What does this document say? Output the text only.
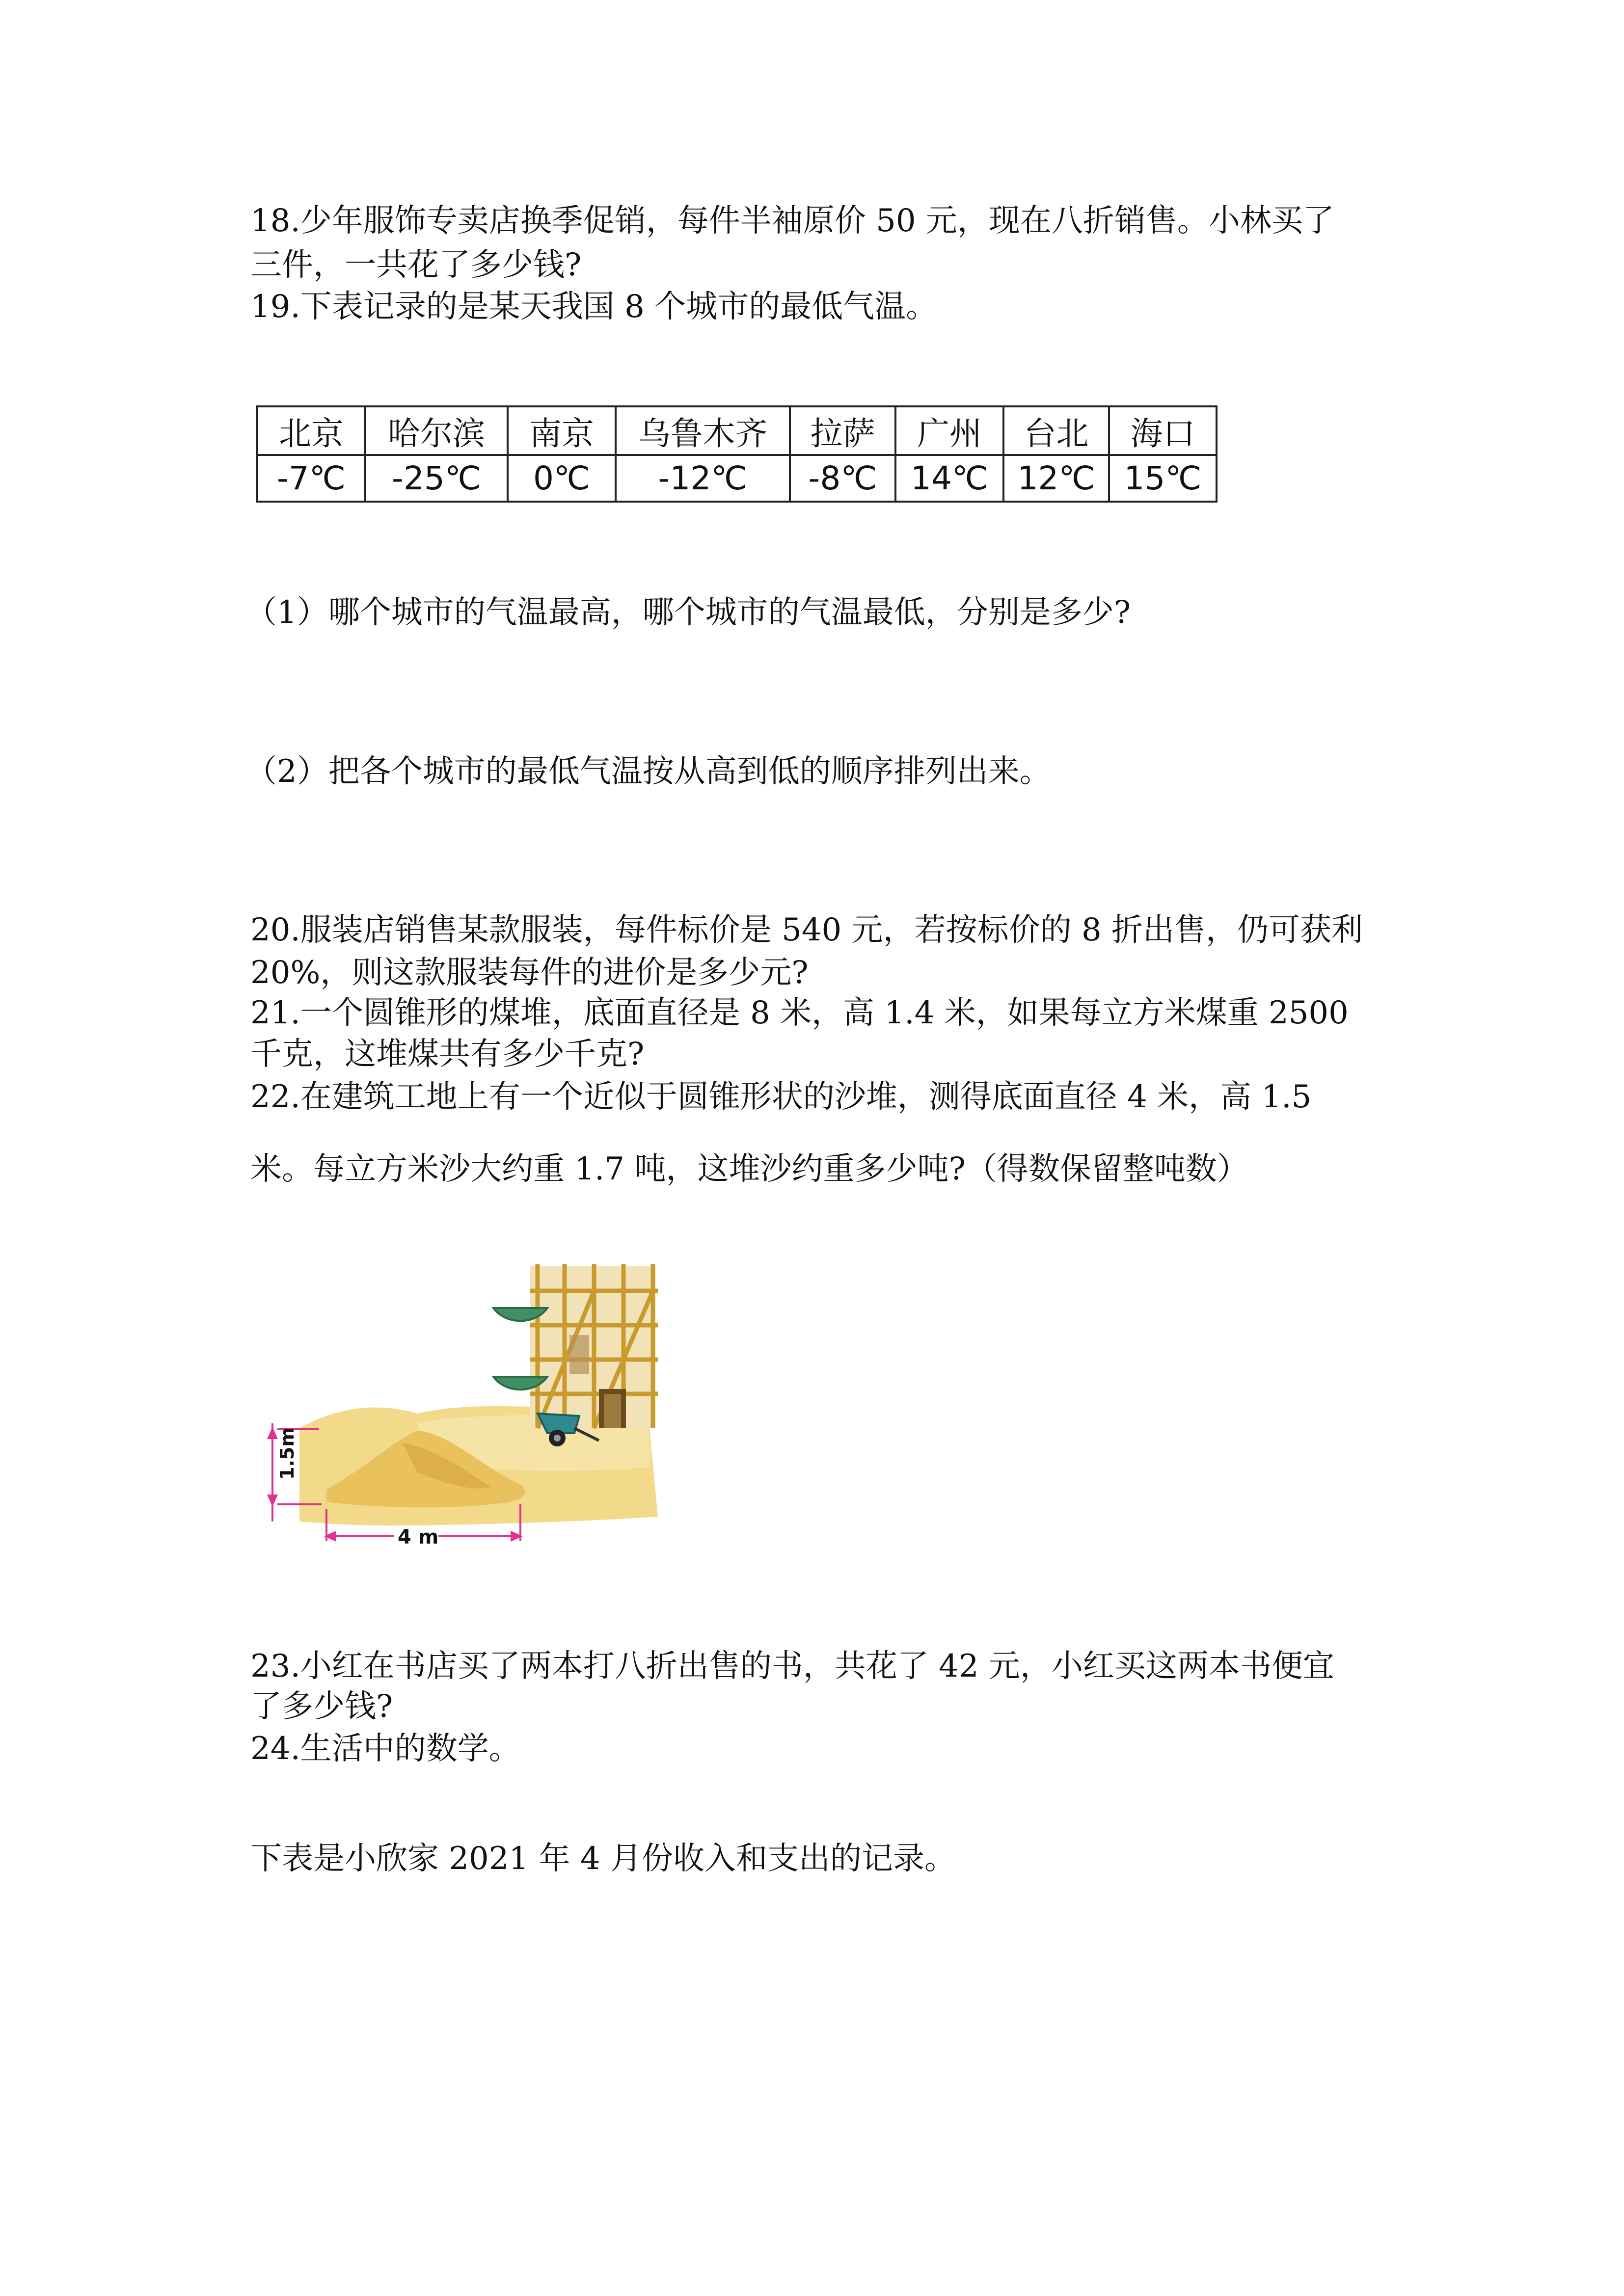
18.少年服饰专卖店换季促销，每件半袖原价 50 元，现在八折销售。小林买了
三件，一共花了多少钱?
19.下表记录的是某天我国 8 个城市的最低气温。
北京	哈尔滨	南京	乌鲁木齐	拉萨	广州	台北	海口
-7℃	-25℃	0℃	-12℃	-8℃	14℃	12℃	15℃
（1）哪个城市的气温最高，哪个城市的气温最低，分别是多少?
（2）把各个城市的最低气温按从高到低的顺序排列出来。
20.服装店销售某款服装，每件标价是 540 元，若按标价的 8 折出售，仍可获利
20%，则这款服装每件的进价是多少元?
21.一个圆锥形的煤堆，底面直径是 8 米，高 1.4 米，如果每立方米煤重 2500
千克，这堆煤共有多少千克?
22.在建筑工地上有一个近似于圆锥形状的沙堆，测得底面直径 4 米，高 1.5
米。每立方米沙大约重 1.7 吨，这堆沙约重多少吨?（得数保留整吨数）
1.5m
4 m
23.小红在书店买了两本打八折出售的书，共花了 42 元，小红买这两本书便宜
了多少钱?
24.生活中的数学。
下表是小欣家 2021 年 4 月份收入和支出的记录。
